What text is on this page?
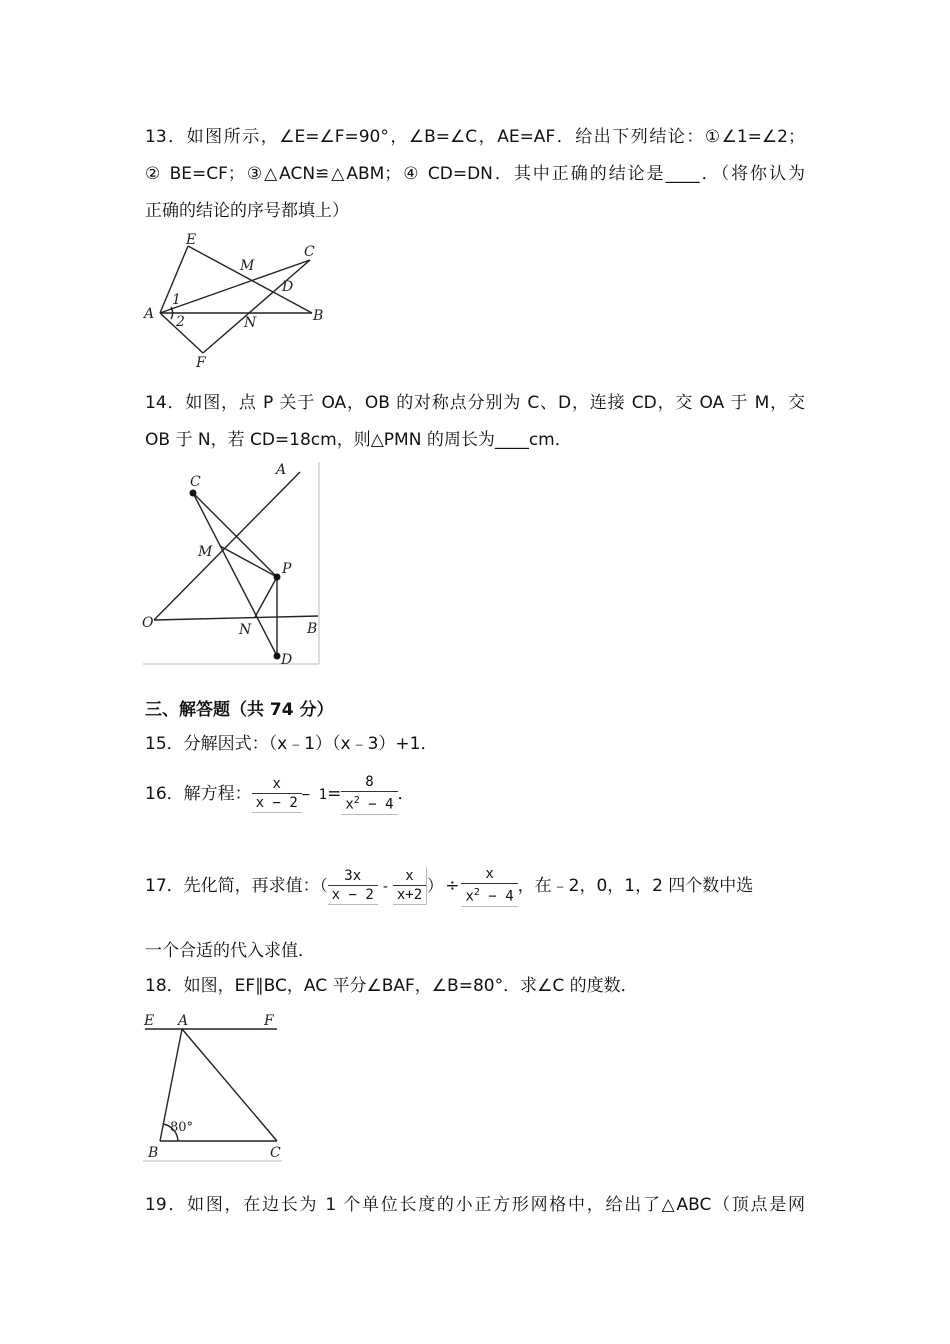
13．如图所示，∠E=∠F=90°，∠B=∠C，AE=AF．给出下列结论：①∠1=∠2；
② BE=CF；③△ACN≌△ABM；④ CD=DN．其中正确的结论是____．（将你认为
正确的结论的序号都填上）
E
C
M
D
A
1
2	N	B
F
14．如图，点 P 关于 OA，OB 的对称点分别为 C、D，连接 CD，交 OA 于 M，交
OB 于 N，若 CD=18cm，则△PMN 的周长为____cm．
A
C
M
P
O	N	B
D
三、解答题（共 74 分）
15．分解因式：（x﹣1）（x﹣3）+1．
16．解方程： $\frac{x}{x - 2} - 1= \frac{8}{x^2 - 4}$ ．
17．先化简，再求值：（ $\frac{3x}{x - 2} - \frac{x}{x+2}$ ） ÷ $\frac{x}{x^2 - 4}$ ，在﹣2，0，1，2 四个数中选
一个合适的代入求值．
18．如图，EF∥BC，AC 平分∠BAF，∠B=80°．求∠C 的度数．
E A	F
80°
B	C
19．如图，在边长为 1 个单位长度的小正方形网格中，给出了△ABC（顶点是网
